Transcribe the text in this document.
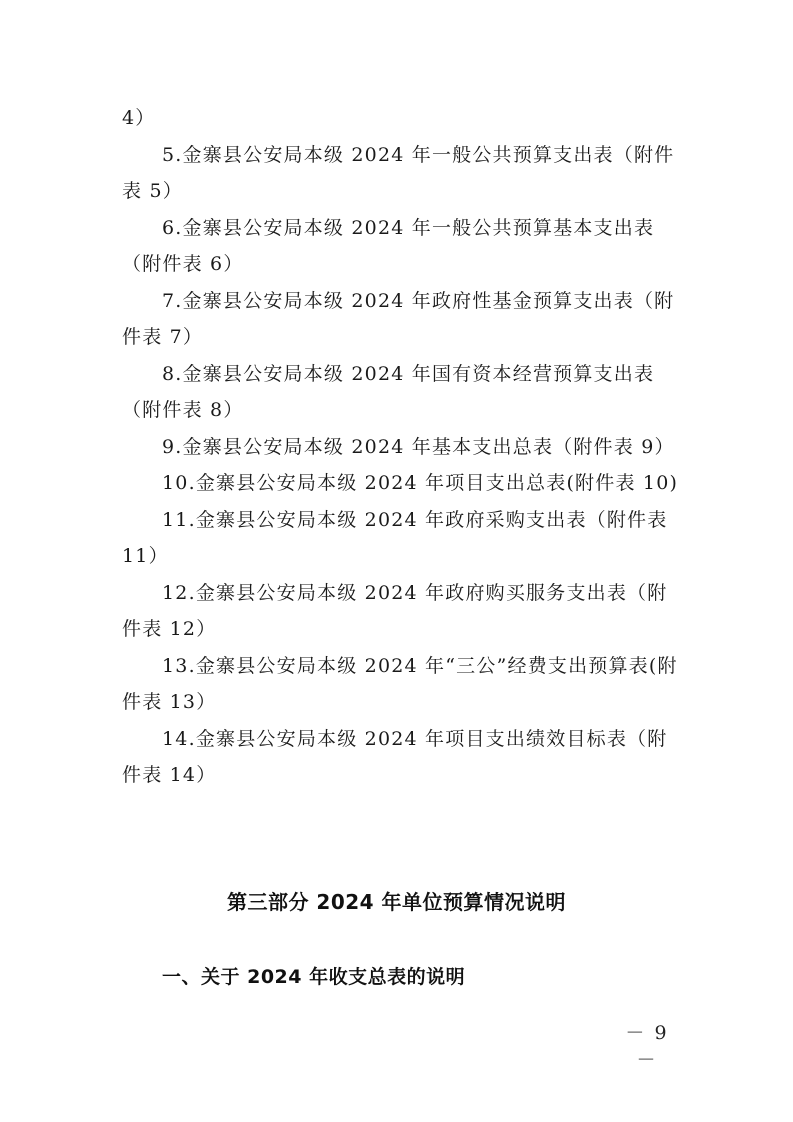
4）
5.金寨县公安局本级 2024 年一般公共预算支出表（附件
表 5）
6.金寨县公安局本级 2024 年一般公共预算基本支出表
（附件表 6）
7.金寨县公安局本级 2024 年政府性基金预算支出表（附
件表 7）
8.金寨县公安局本级 2024 年国有资本经营预算支出表
（附件表 8）
9.金寨县公安局本级 2024 年基本支出总表（附件表 9）
10.金寨县公安局本级 2024 年项目支出总表(附件表 10)
11.金寨县公安局本级 2024 年政府采购支出表（附件表
11）
12.金寨县公安局本级 2024 年政府购买服务支出表（附
件表 12）
13.金寨县公安局本级 2024 年“三公”经费支出预算表(附
件表 13）
14.金寨县公安局本级 2024 年项目支出绩效目标表（附
件表 14）
第三部分 2024 年单位预算情况说明
一、关于 2024 年收支总表的说明
－ 9 －
